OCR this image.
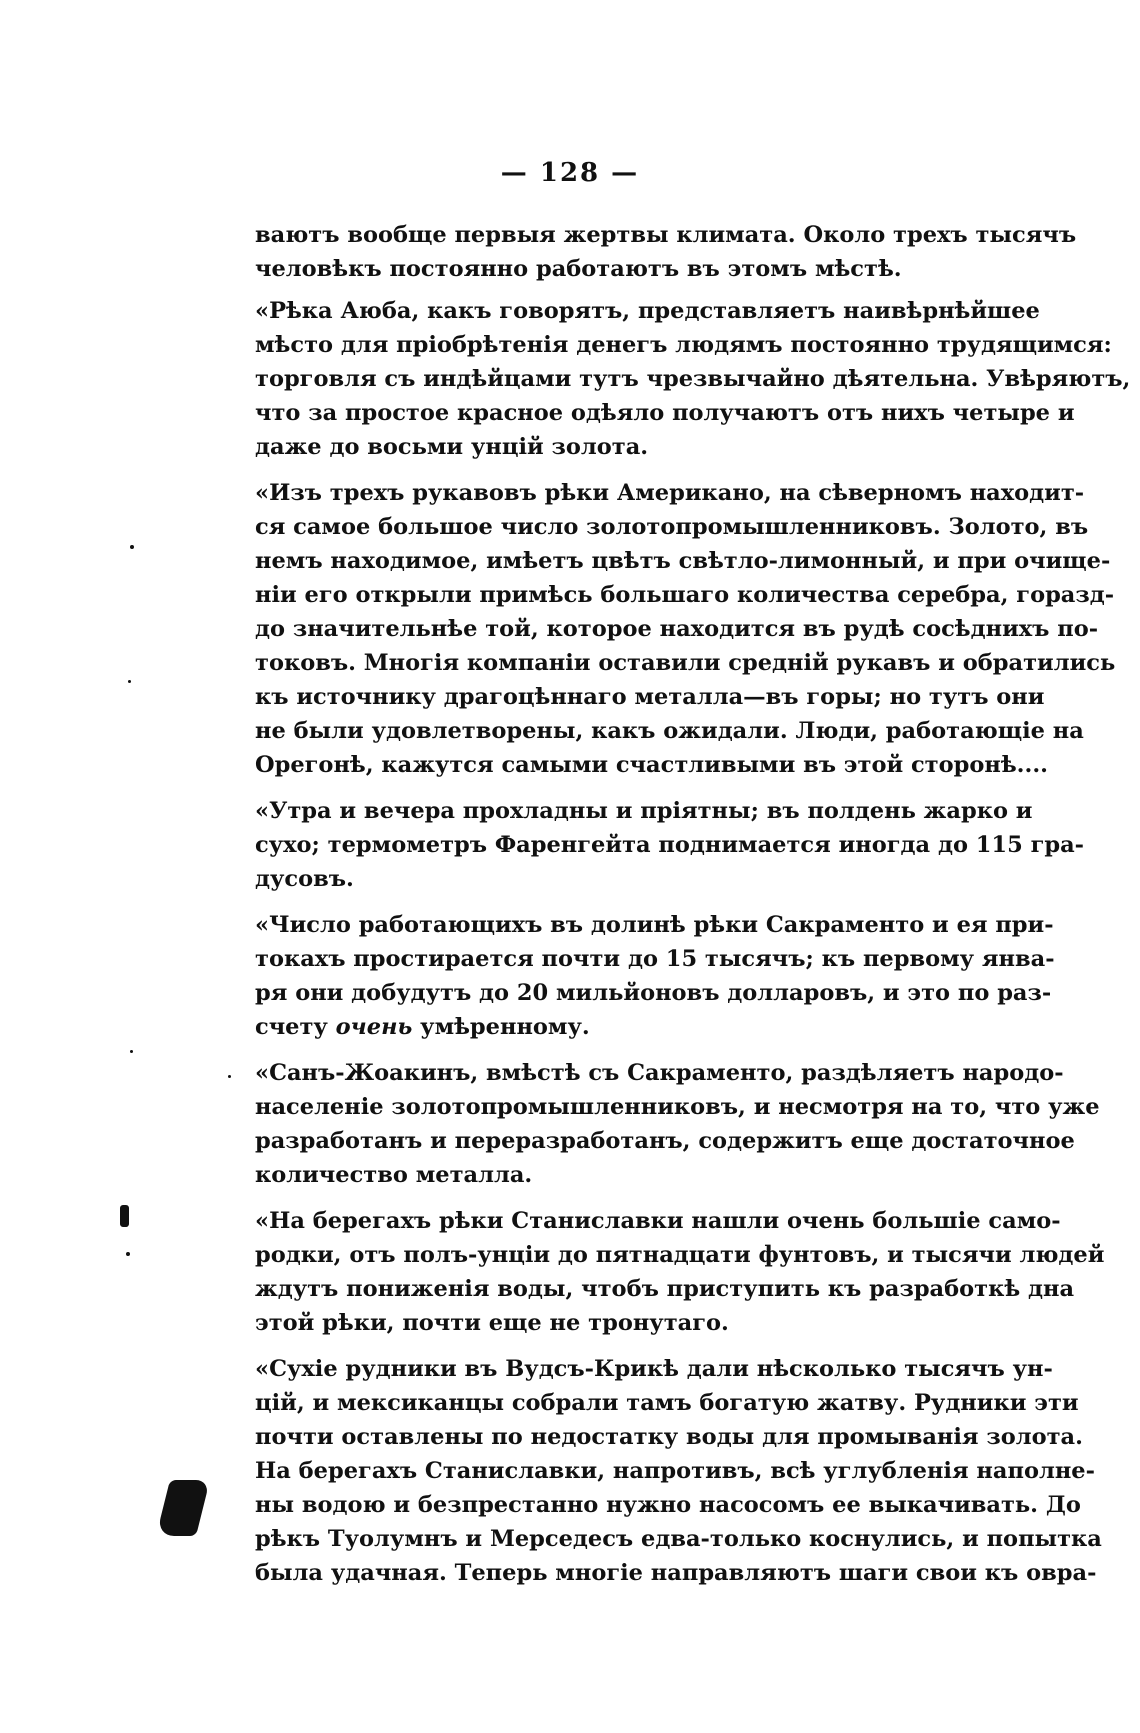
— 128 —
ваютъ вообще первыя жертвы климата. Около трехъ тысячъ
человѣкъ постоянно работаютъ въ этомъ мѣстѣ.
«Рѣка Аюба, какъ говорятъ, представляетъ наивѣрнѣйшее
мѣсто для пріобрѣтенія денегъ людямъ постоянно трудящимся:
торговля съ индѣйцами тутъ чрезвычайно дѣятельна. Увѣряютъ,
что за простое красное одѣяло получаютъ отъ нихъ четыре и
даже до восьми унцій золота.
«Изъ трехъ рукавовъ рѣки Американо, на сѣверномъ находит-
ся самое большое число золотопромышленниковъ. Золото, въ
немъ находимое, имѣетъ цвѣтъ свѣтло-лимонный, и при очище-
ніи его открыли примѣсь большаго количества серебра, горазд-
до значительнѣе той, которое находится въ рудѣ сосѣднихъ по-
токовъ. Многія компаніи оставили средній рукавъ и обратились
къ источнику драгоцѣннаго металла—въ горы; но тутъ они
не были удовлетворены, какъ ожидали. Люди, работающіе на
Орегонѣ, кажутся самыми счастливыми въ этой сторонѣ....
«Утра и вечера прохладны и пріятны; въ полдень жарко и
сухо; термометръ Фаренгейта поднимается иногда до 115 гра-
дусовъ.
«Число работающихъ въ долинѣ рѣки Сакраменто и ея при-
токахъ простирается почти до 15 тысячъ; къ первому янва-
ря они добудутъ до 20 мильйоновъ долларовъ, и это по раз-
счету очень умѣренному.
«Санъ-Жоакинъ, вмѣстѣ съ Сакраменто, раздѣляетъ народо-
населеніе золотопромышленниковъ, и несмотря на то, что уже
разработанъ и переразработанъ, содержитъ еще достаточное
количество металла.
«На берегахъ рѣки Станиславки нашли очень большіе само-
родки, отъ полъ-унціи до пятнадцати фунтовъ, и тысячи людей
ждутъ пониженія воды, чтобъ приступить къ разработкѣ дна
этой рѣки, почти еще не тронутаго.
«Сухіе рудники въ Вудсъ-Крикѣ дали нѣсколько тысячъ ун-
цій, и мексиканцы собрали тамъ богатую жатву. Рудники эти
почти оставлены по недостатку воды для промыванія золота.
На берегахъ Станиславки, напротивъ, всѣ углубленія наполне-
ны водою и безпрестанно нужно насосомъ ее выкачивать. До
рѣкъ Туолумнъ и Мерседесъ едва-только коснулись, и попытка
была удачная. Теперь многіе направляютъ шаги свои къ овра-
